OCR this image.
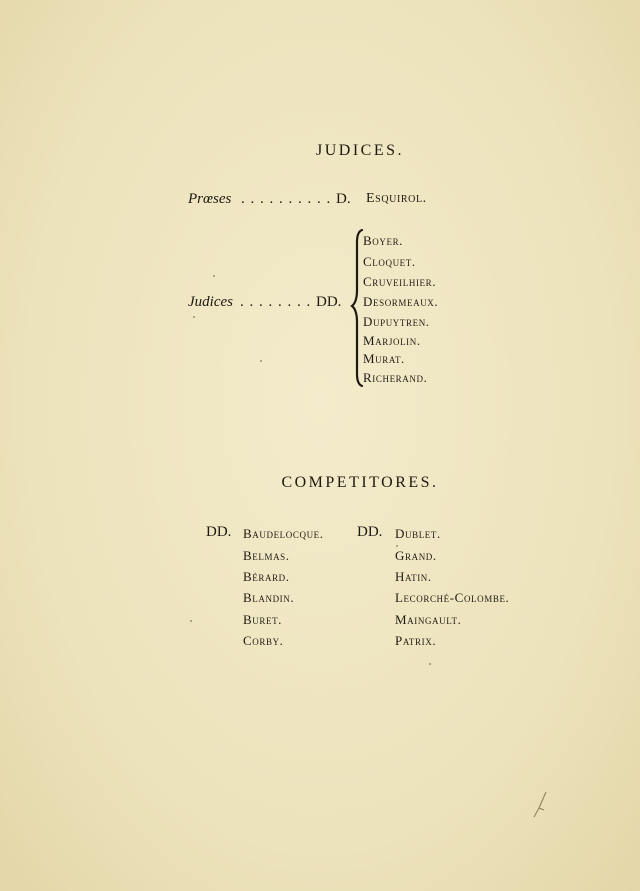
JUDICES.
Prœses . . . . . . . . . . D. Esquirol.
Judices . . . . . . . . DD.
Boyer.
Cloquet.
Cruveilhier.
Desormeaux.
Dupuytren.
Marjolin.
Murat.
Richerand.
COMPETITORES.
DD.	DD.
Baudelocque.
Belmas.
Bérard.
Blandin.
Buret.
Corby.
Dublet.
Grand.
Hatin.
Lecorché-Colombe.
Maingault.
Patrix.
